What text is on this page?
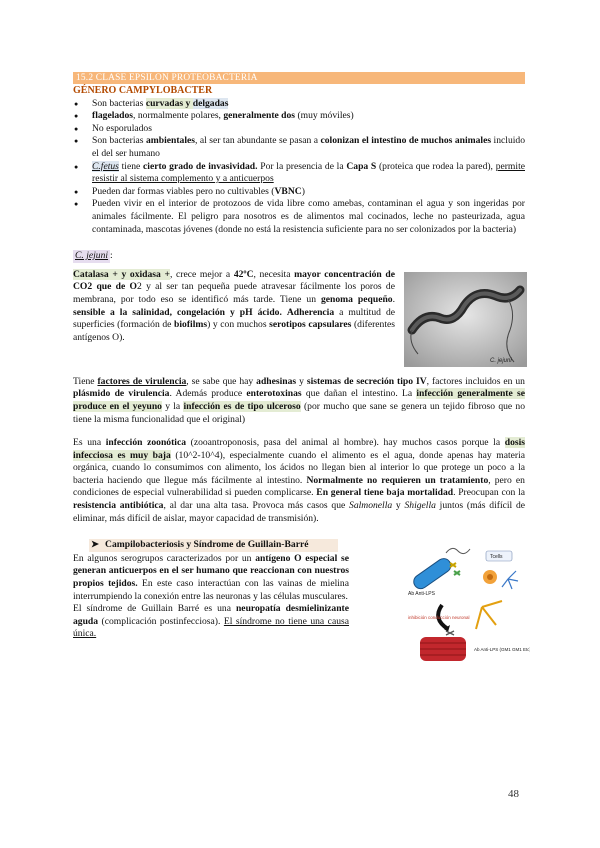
15.2 CLASE EPSILON PROTEOBACTERIA
GÉNERO CAMPYLOBACTER
● Son bacterias curvadas y delgadas
● flagelados, normalmente polares, generalmente dos (muy móviles)
● No esporulados
● Son bacterias ambientales, al ser tan abundante se pasan a colonizan el intestino de muchos animales incluido el del ser humano
● C.fetus tiene cierto grado de invasividad. Por la presencia de la Capa S (proteica que rodea la pared), permite resistir al sistema complemento y a anticuerpos
● Pueden dar formas viables pero no cultivables (VBNC)
● Pueden vivir en el interior de protozoos de vida libre como amebas, contaminan el agua y son ingeridas por animales fácilmente. El peligro para nosotros es de alimentos mal cocinados, leche no pasteurizada, agua contaminada, mascotas jóvenes (donde no está la resistencia suficiente para no ser colonizados por la bacteria)
C. jejuni :
Catalasa + y oxidasa +, crece mejor a 42ºC, necesita mayor concentración de CO2 que de O2 y al ser tan pequeña puede atravesar fácilmente los poros de membrana, por todo eso se identificó más tarde. Tiene un genoma pequeño. sensible a la salinidad, congelación y pH ácido. Adherencia a multitud de superficies (formación de biofilms) y con muchos serotipos capsulares (diferentes antígenos O).
C. jejuni

Tiene factores de virulencia, se sabe que hay adhesinas y sistemas de secreción tipo IV, factores incluidos en un plásmido de virulencia. Además produce enterotoxinas que dañan el intestino. La infección generalmente se produce en el yeyuno y la infección es de tipo ulceroso (por mucho que sane se genera un tejido fibroso que no tiene la misma funcionalidad que el original)

Es una infección zoonótica (zooantroponosis, pasa del animal al hombre). hay muchos casos porque la dosis infecciosa es muy baja (10^2-10^4), especialmente cuando el alimento es el agua, donde apenas hay materia orgánica, cuando lo consumimos con alimento, los ácidos no llegan bien al interior lo que protege un poco a la bacteria haciendo que llegue más fácilmente al intestino. Normalmente no requieren un tratamiento, pero en condiciones de especial vulnerabilidad si pueden complicarse. En general tiene baja mortalidad. Preocupan con la resistencia antibiótica, al dar una alta tasa. Provoca más casos que Salmonella y Shigella juntos (más difícil de eliminar, más difícil de aislar, mayor capacidad de transmisión).

➤ Campilobacteriosis y Síndrome de Guillain-Barré

En algunos serogrupos caracterizados por un antígeno O especial se generan anticuerpos en el ser humano que reaccionan con nuestros propios tejidos. En este caso interactúan con las vainas de mielina interrumpiendo la conexión entre las neuronas y las células musculares.

El síndrome de Guillain Barré es una neuropatía desmielinizante aguda (complicación postinfecciosa). El síndrome no tiene una causa única.

Ab Anti-LPS
Tcells
inhibición conducción neuronal
Ab Anti-LPS (GM1 GM1 Etc)
48
